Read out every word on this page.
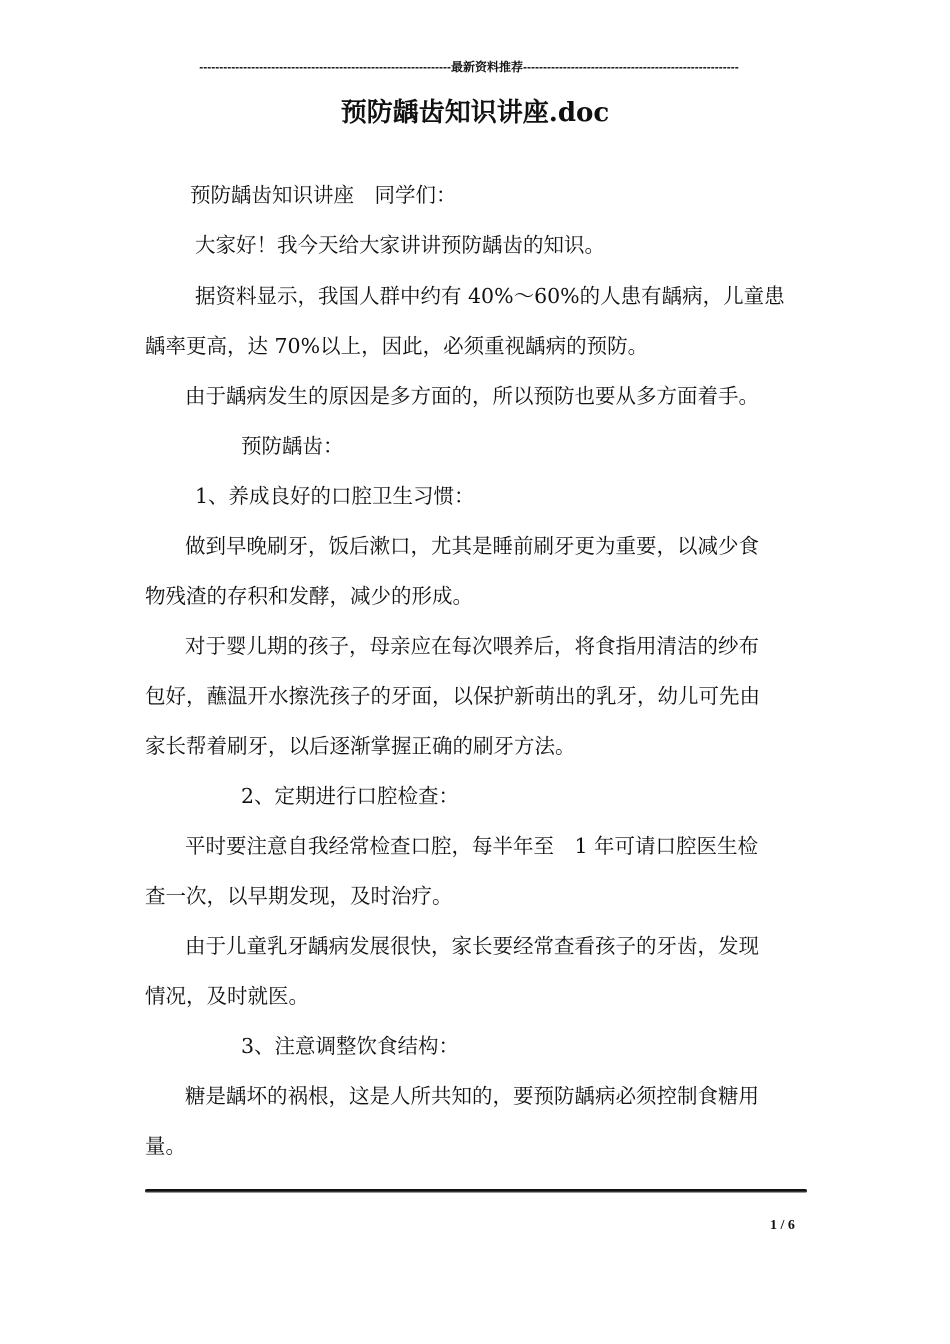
---------------------------------------------------------------最新资料推荐------------------------------------------------------
预防龋齿知识讲座.doc
预防龋齿知识讲座　同学们：
大家好！我今天给大家讲讲预防龋齿的知识。
据资料显示，我国人群中约有 40%～60%的人患有龋病，儿童患
龋率更高，达 70%以上，因此，必须重视龋病的预防。
由于龋病发生的原因是多方面的，所以预防也要从多方面着手。
预防龋齿：
1、养成良好的口腔卫生习惯：
做到早晚刷牙，饭后漱口，尤其是睡前刷牙更为重要，以减少食
物残渣的存积和发酵，减少的形成。
对于婴儿期的孩子，母亲应在每次喂养后，将食指用清洁的纱布
包好，蘸温开水擦洗孩子的牙面，以保护新萌出的乳牙，幼儿可先由
家长帮着刷牙，以后逐渐掌握正确的刷牙方法。
2、定期进行口腔检查：
平时要注意自我经常检查口腔，每半年至　1 年可请口腔医生检
查一次，以早期发现，及时治疗。
由于儿童乳牙龋病发展很快，家长要经常查看孩子的牙齿，发现
情况，及时就医。
3、注意调整饮食结构：
糖是龋坏的祸根，这是人所共知的，要预防龋病必须控制食糖用
量。
1 / 6
